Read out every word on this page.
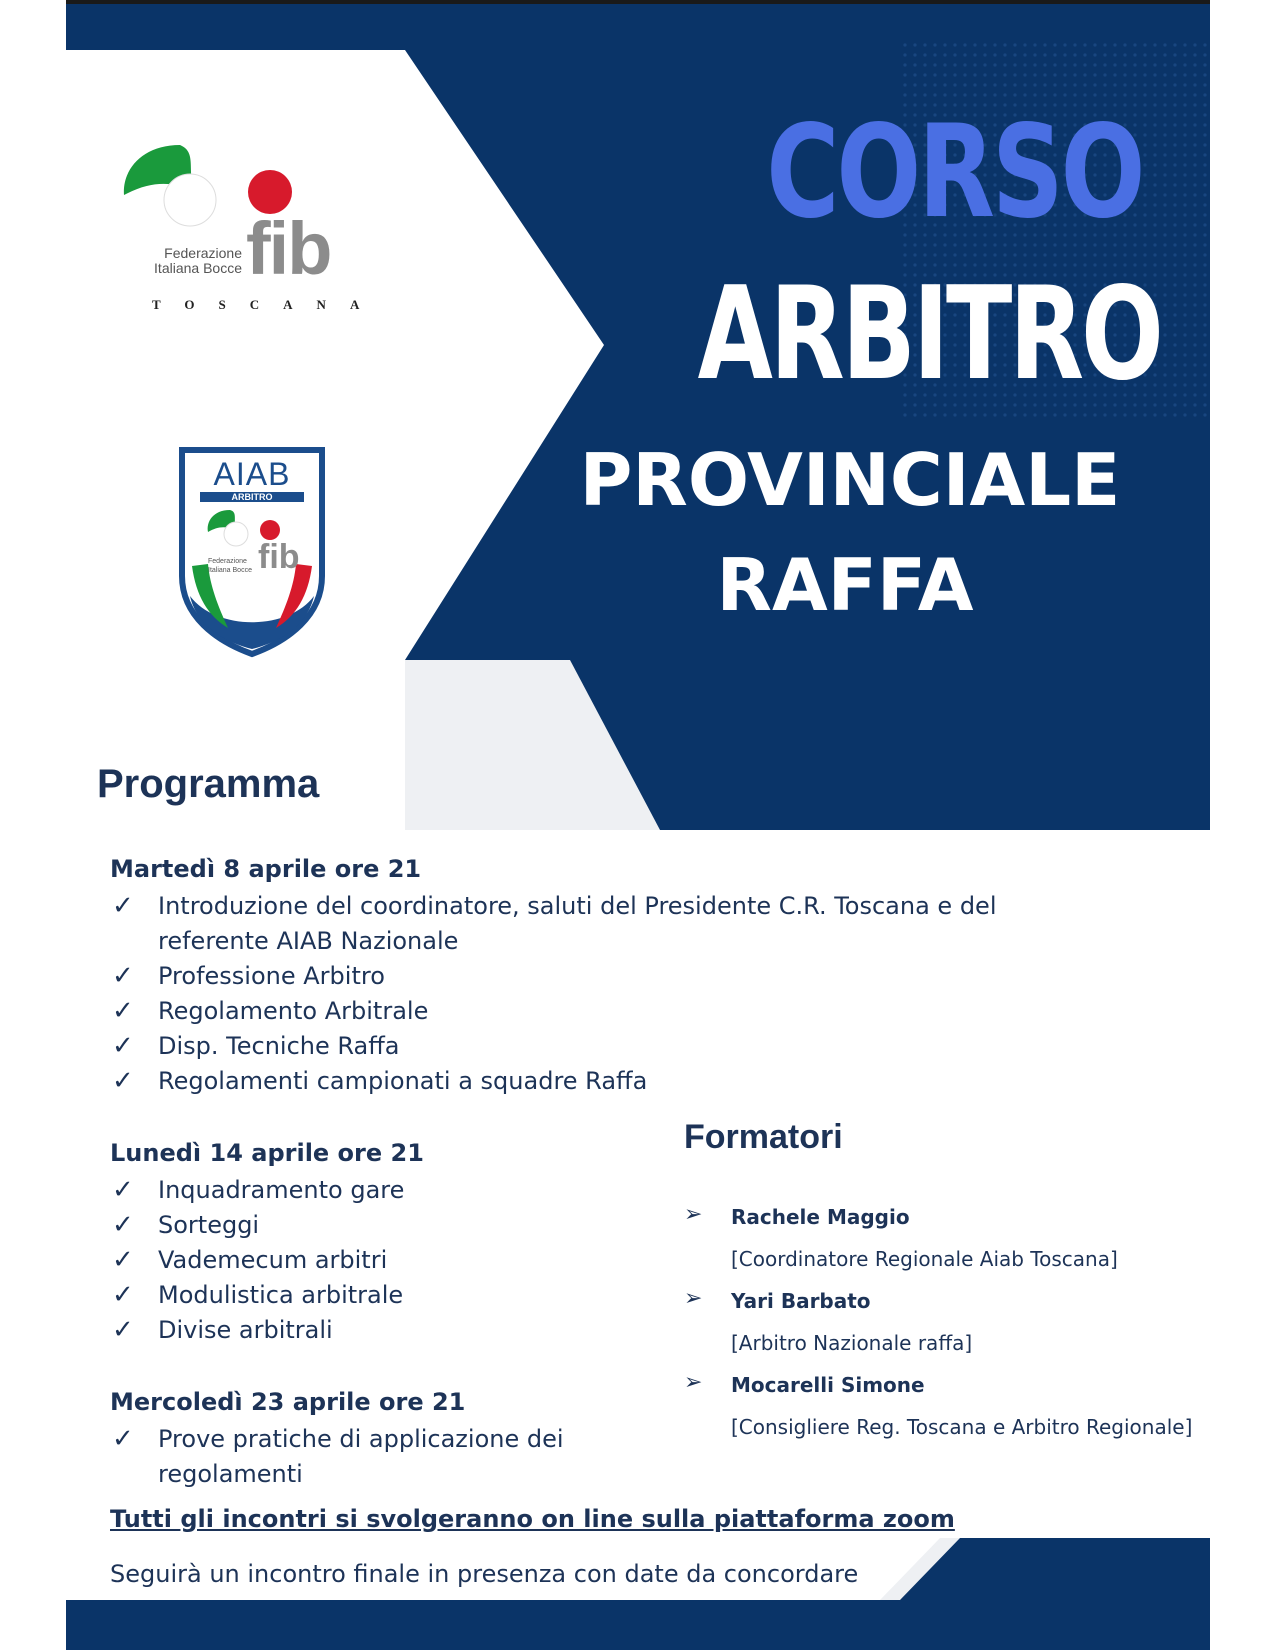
Federazione
Italiana Bocce fib
TOSCANA
AIAB
ARBITRO
Federazione
Italiana Bocce fib
CORSO
ARBITRO
PROVINCIALE
RAFFA
Programma
Martedì 8 aprile ore 21
✓ Introduzione del coordinatore, saluti del Presidente C.R. Toscana e del referente AIAB Nazionale
✓ Professione Arbitro
✓ Regolamento Arbitrale
✓ Disp. Tecniche Raffa
✓ Regolamenti campionati a squadre Raffa
Lunedì 14 aprile ore 21
✓ Inquadramento gare
✓ Sorteggi
✓ Vademecum arbitri
✓ Modulistica arbitrale
✓ Divise arbitrali
Mercoledì 23 aprile ore 21
✓ Prove pratiche di applicazione dei regolamenti
Formatori
➢ Rachele Maggio
[Coordinatore Regionale Aiab Toscana]
➢ Yari Barbato
[Arbitro Nazionale raffa]
➢ Mocarelli Simone
[Consigliere Reg. Toscana e Arbitro Regionale]
Tutti gli incontri si svolgeranno on line sulla piattaforma zoom
Seguirà un incontro finale in presenza con date da concordare
